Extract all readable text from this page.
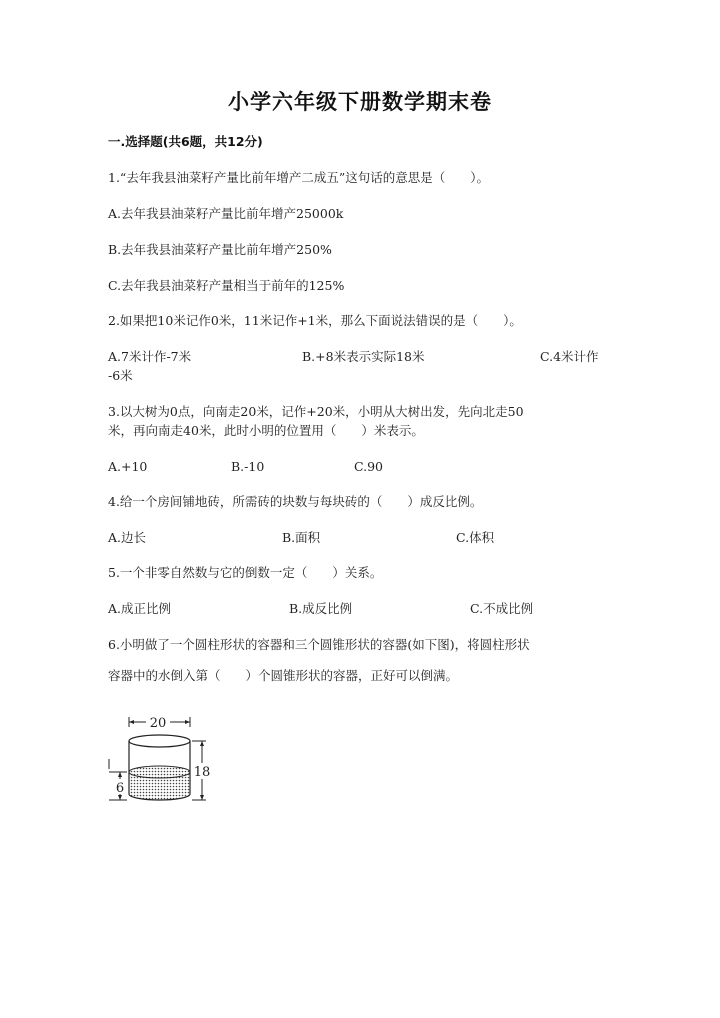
小学六年级下册数学期末卷
一.选择题(共6题，共12分)
1.“去年我县油菜籽产量比前年增产二成五”这句话的意思是（　　）。
A.去年我县油菜籽产量比前年增产25000k
B.去年我县油菜籽产量比前年增产250%
C.去年我县油菜籽产量相当于前年的125%
2.如果把10米记作0米，11米记作+1米，那么下面说法错误的是（　　）。
A.7米计作-7米	B.+8米表示实际18米	C.4米计作
-6米
3.以大树为0点，向南走20米，记作+20米，小明从大树出发，先向北走50
米，再向南走40米，此时小明的位置用（　　）米表示。
A.+10	B.-10	C.90
4.给一个房间铺地砖，所需砖的块数与每块砖的（　　）成反比例。
A.边长	B.面积	C.体积
5.一个非零自然数与它的倒数一定（　　）关系。
A.成正比例	B.成反比例	C.不成比例
6.小明做了一个圆柱形状的容器和三个圆锥形状的容器(如下图)，将圆柱形状
容器中的水倒入第（　　）个圆锥形状的容器，正好可以倒满。
20
18
6
